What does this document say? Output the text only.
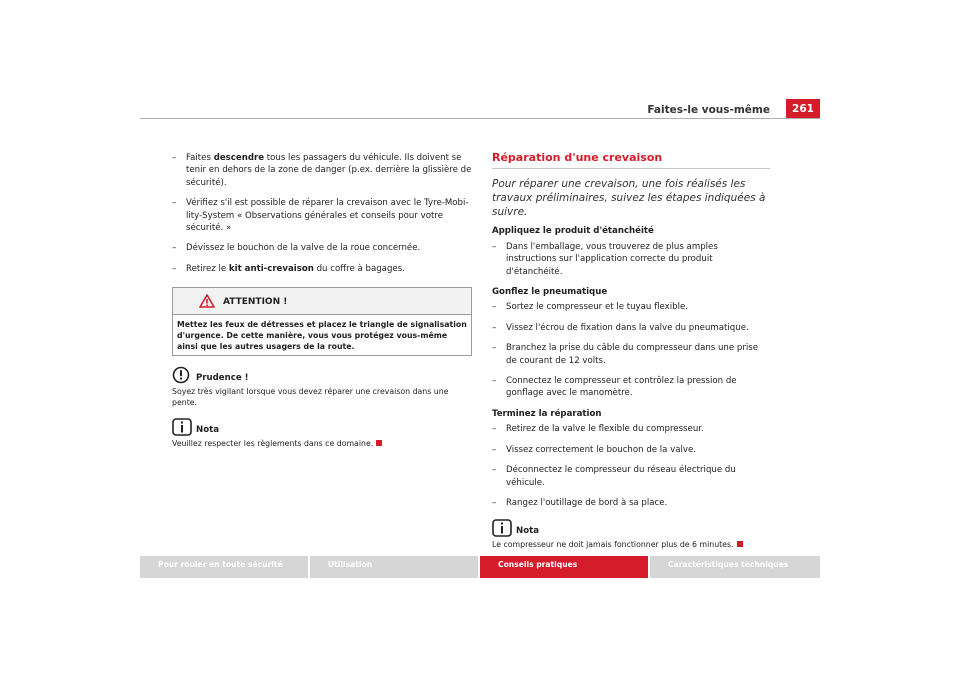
Faites-le vous-même	261
– Faites descendre tous les passagers du véhicule. Ils doivent se tenir en dehors de la zone de danger (p.ex. derrière la glissière de sécurité).
– Vérifiez s'il est possible de réparer la crevaison avec le Tyre-Mobility-System « Observations générales et conseils pour votre sécurité. »
– Dévissez le bouchon de la valve de la roue concernée.
– Retirez le kit anti-crevaison du coffre à bagages.
ATTENTION !
Mettez les feux de détresses et placez le triangle de signalisation d'urgence. De cette manière, vous vous protégez vous-même ainsi que les autres usagers de la route.
Prudence !
Soyez très vigilant lorsque vous devez réparer une crevaison dans une pente.
Nota
Veuillez respecter les règlements dans ce domaine.
Réparation d'une crevaison
Pour réparer une crevaison, une fois réalisés les travaux préliminaires, suivez les étapes indiquées à suivre.
Appliquez le produit d'étanchéité
– Dans l'emballage, vous trouverez de plus amples instructions sur l'application correcte du produit d'étanchéité.
Gonflez le pneumatique
– Sortez le compresseur et le tuyau flexible.
– Vissez l'écrou de fixation dans la valve du pneumatique.
– Branchez la prise du câble du compresseur dans une prise de courant de 12 volts.
– Connectez le compresseur et contrôlez la pression de gonflage avec le manomètre.
Terminez la réparation
– Retirez de la valve le flexible du compresseur.
– Vissez correctement le bouchon de la valve.
– Déconnectez le compresseur du réseau électrique du véhicule.
– Rangez l'outillage de bord à sa place.
Nota
Le compresseur ne doit jamais fonctionner plus de 6 minutes.
Pour rouler en toute sécurité	Utilisation	Conseils pratiques	Caractéristiques techniques
